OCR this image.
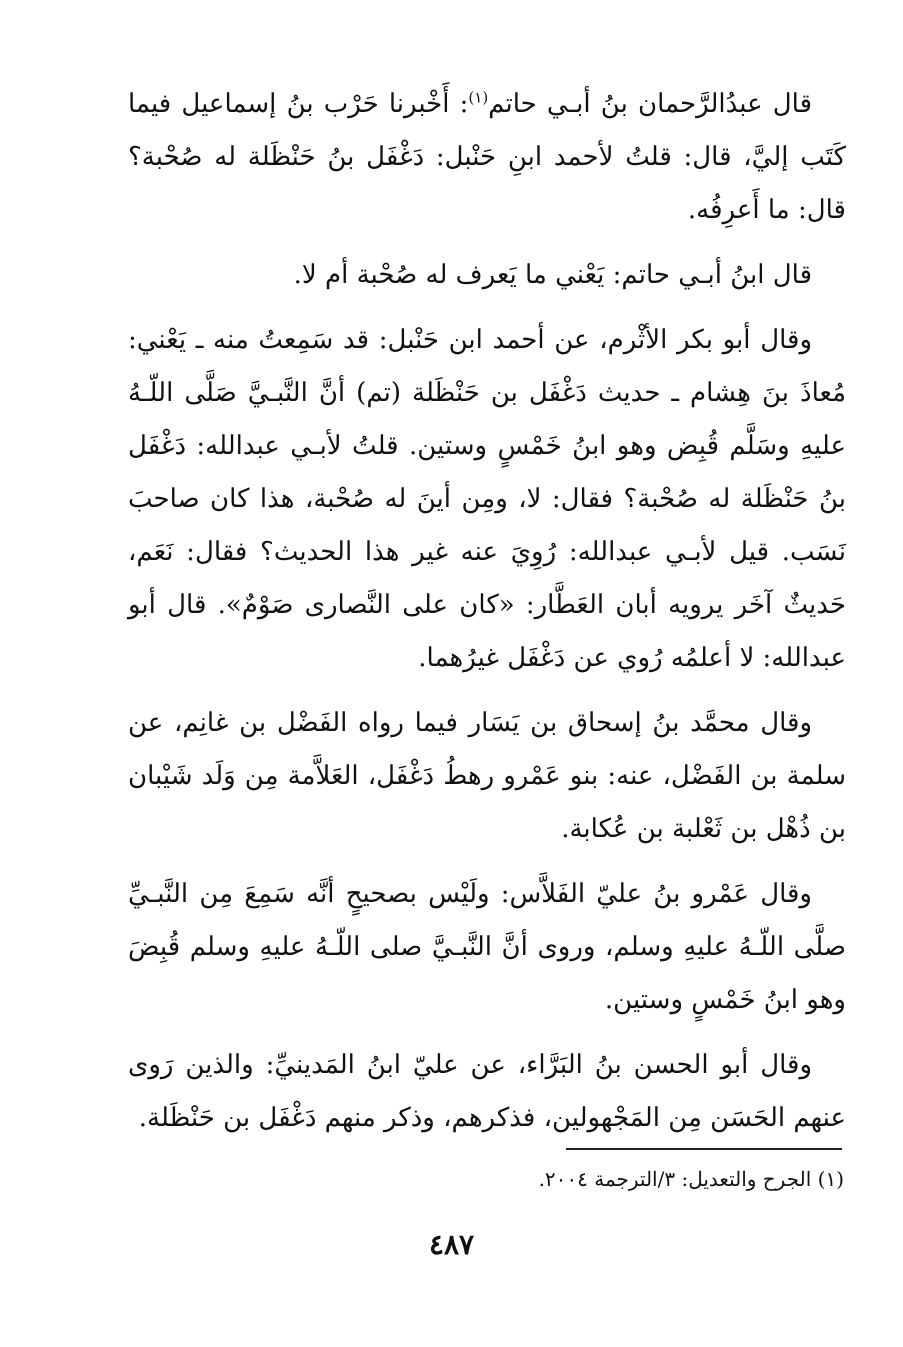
قال عبدُالرَّحمان بنُ أبـي حاتم$^{(١)}$: أَخْبرنا حَرْب بنُ إسماعيل فيما كَتَب إليَّ، قال: قلتُ لأحمد ابنِ حَنْبل: دَغْفَل بنُ حَنْظَلة له صُحْبة؟ قال: ما أَعرِفُه.

قال ابنُ أبـي حاتم: يَعْني ما يَعرف له صُحْبة أم لا.

وقال أبو بكر الأثْرم، عن أحمد ابن حَنْبل: قد سَمِعتُ منه ـ يَعْني: مُعاذَ بنَ هِشام ـ حديث دَغْفَل بن حَنْظَلة (تم) أنَّ النَّبـيَّ صَلَّى اللّـهُ عليهِ وسَلَّم قُبِض وهو ابنُ خَمْسٍ وستين. قلتُ لأبـي عبدالله: دَغْفَل بنُ حَنْظَلة له صُحْبة؟ فقال: لا، ومِن أينَ له صُحْبة، هذا كان صاحبَ نَسَب. قيل لأبـي عبدالله: رُوِيَ عنه غير هذا الحديث؟ فقال: نَعَم، حَديثٌ آخَر يرويه أبان العَطَّار: «كان على النَّصارى صَوْمٌ». قال أبو عبدالله: لا أعلمُه رُوي عن دَغْفَل غيرُهما.

وقال محمَّد بنُ إسحاق بن يَسَار فيما رواه الفَضْل بن غانِم، عن سلمة بن الفَضْل، عنه: بنو عَمْرو رهطُ دَغْفَل، العَلاَّمة مِن وَلَد شَيْبان بن ذُهْل بن ثَعْلبة بن عُكابة.

وقال عَمْرو بنُ عليّ الفَلاَّس: ولَيْس بصحيحٍ أنَّه سَمِعَ مِن النَّبـيِّ صلَّى اللّـهُ عليهِ وسلم، وروى أنَّ النَّبـيَّ صلى اللّـهُ عليهِ وسلم قُبِضَ وهو ابنُ خَمْسٍ وستين.

وقال أبو الحسن بنُ البَرَّاء، عن عليّ ابنُ المَدينيِّ: والذين رَوى عنهم الحَسَن مِن المَجْهولين، فذكرهم، وذكر منهم دَغْفَل بن حَنْظَلة.

(١) الجرح والتعديل: ٣/الترجمة ٢٠٠٤.
٤٨٧
